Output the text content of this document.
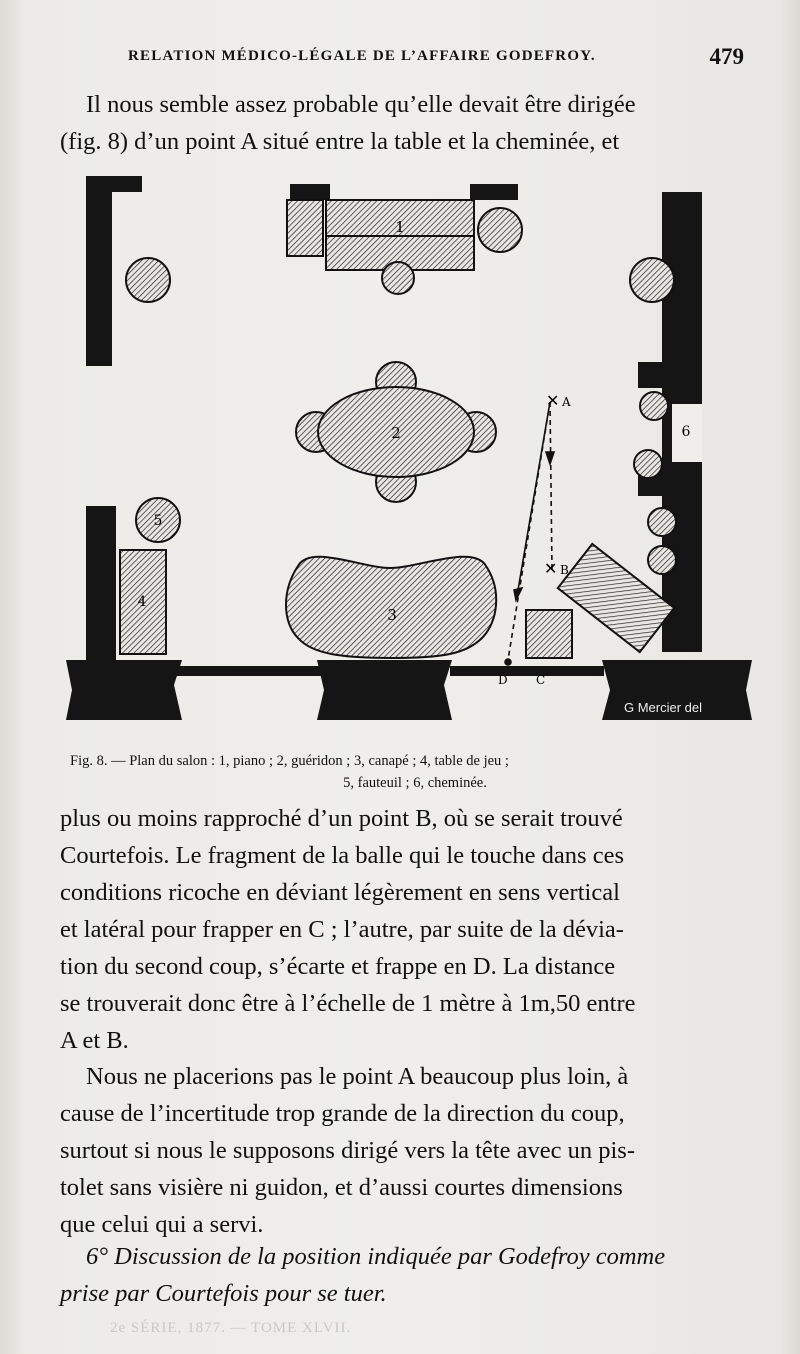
RELATION MÉDICO-LÉGALE DE L’AFFAIRE GODEFROY.	479

Il nous semble assez probable qu’elle devait être dirigée

(fig. 8) d’un point A situé entre la table et la cheminée, et

1
2
5
4
3
6
✕ A
✕ B
D C
G Mercier del
Fig. 8. — Plan du salon : 1, piano ; 2, guéridon ; 3, canapé ; 4, table de jeu ;
5, fauteuil ; 6, cheminée.

plus ou moins rapproché d’un point B, où se serait trouvé

Courtefois. Le fragment de la balle qui le touche dans ces

conditions ricoche en déviant légèrement en sens vertical

et latéral pour frapper en C ; l’autre, par suite de la dévia-

tion du second coup, s’écarte et frappe en D. La distance

se trouverait donc être à l’échelle de 1 mètre à 1m,50 entre

A et B.

Nous ne placerions pas le point A beaucoup plus loin, à

cause de l’incertitude trop grande de la direction du coup,

surtout si nous le supposons dirigé vers la tête avec un pis-

tolet sans visière ni guidon, et d’aussi courtes dimensions

que celui qui a servi.

6° Discussion de la position indiquée par Godefroy comme

prise par Courtefois pour se tuer.

2e SÉRIE, 1877. — TOME XLVII.
